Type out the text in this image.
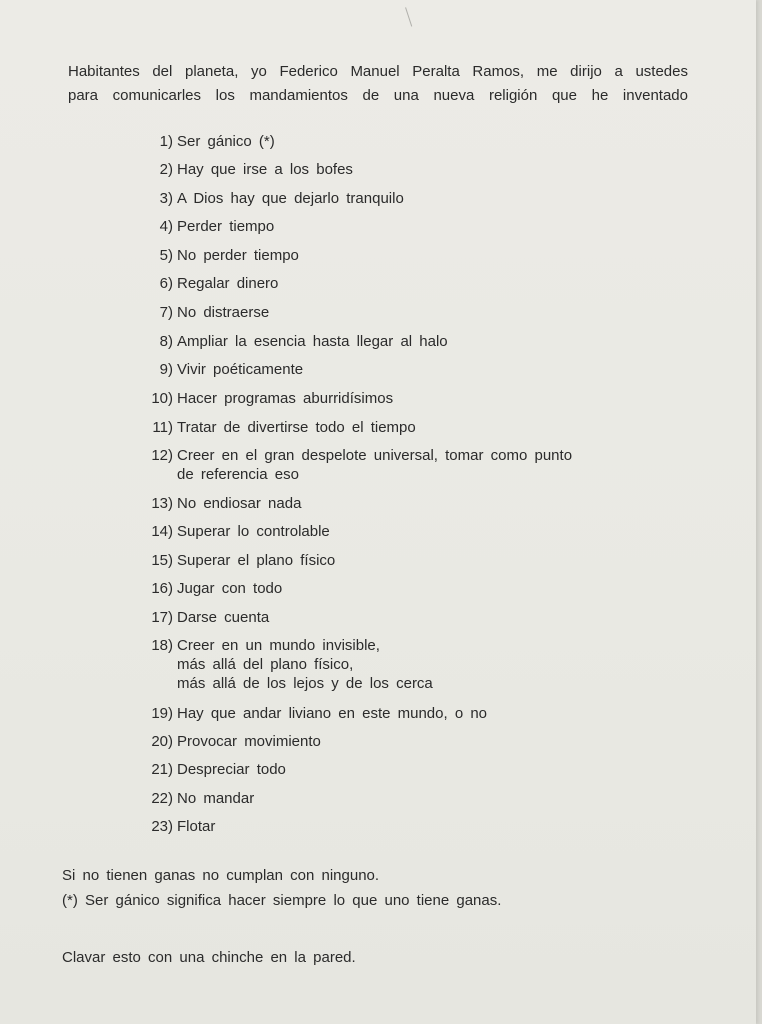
Habitantes del planeta, yo Federico Manuel Peralta Ramos, me dirijo a ustedes
para comunicarles los mandamientos de una nueva religión que he inventado
1) Ser gánico (*)
2) Hay que irse a los bofes
3) A Dios hay que dejarlo tranquilo
4) Perder tiempo
5) No perder tiempo
6) Regalar dinero
7) No distraerse
8) Ampliar la esencia hasta llegar al halo
9) Vivir poéticamente
10) Hacer programas aburridísimos
11) Tratar de divertirse todo el tiempo
12) Creer en el gran despelote universal, tomar como punto
de referencia eso
13) No endiosar nada
14) Superar lo controlable
15) Superar el plano físico
16) Jugar con todo
17) Darse cuenta
18) Creer en un mundo invisible,
más allá del plano físico,
más allá de los lejos y de los cerca
19) Hay que andar liviano en este mundo, o no
20) Provocar movimiento
21) Despreciar todo
22) No mandar
23) Flotar
Si no tienen ganas no cumplan con ninguno.
(*) Ser gánico significa hacer siempre lo que uno tiene ganas.
Clavar esto con una chinche en la pared.
